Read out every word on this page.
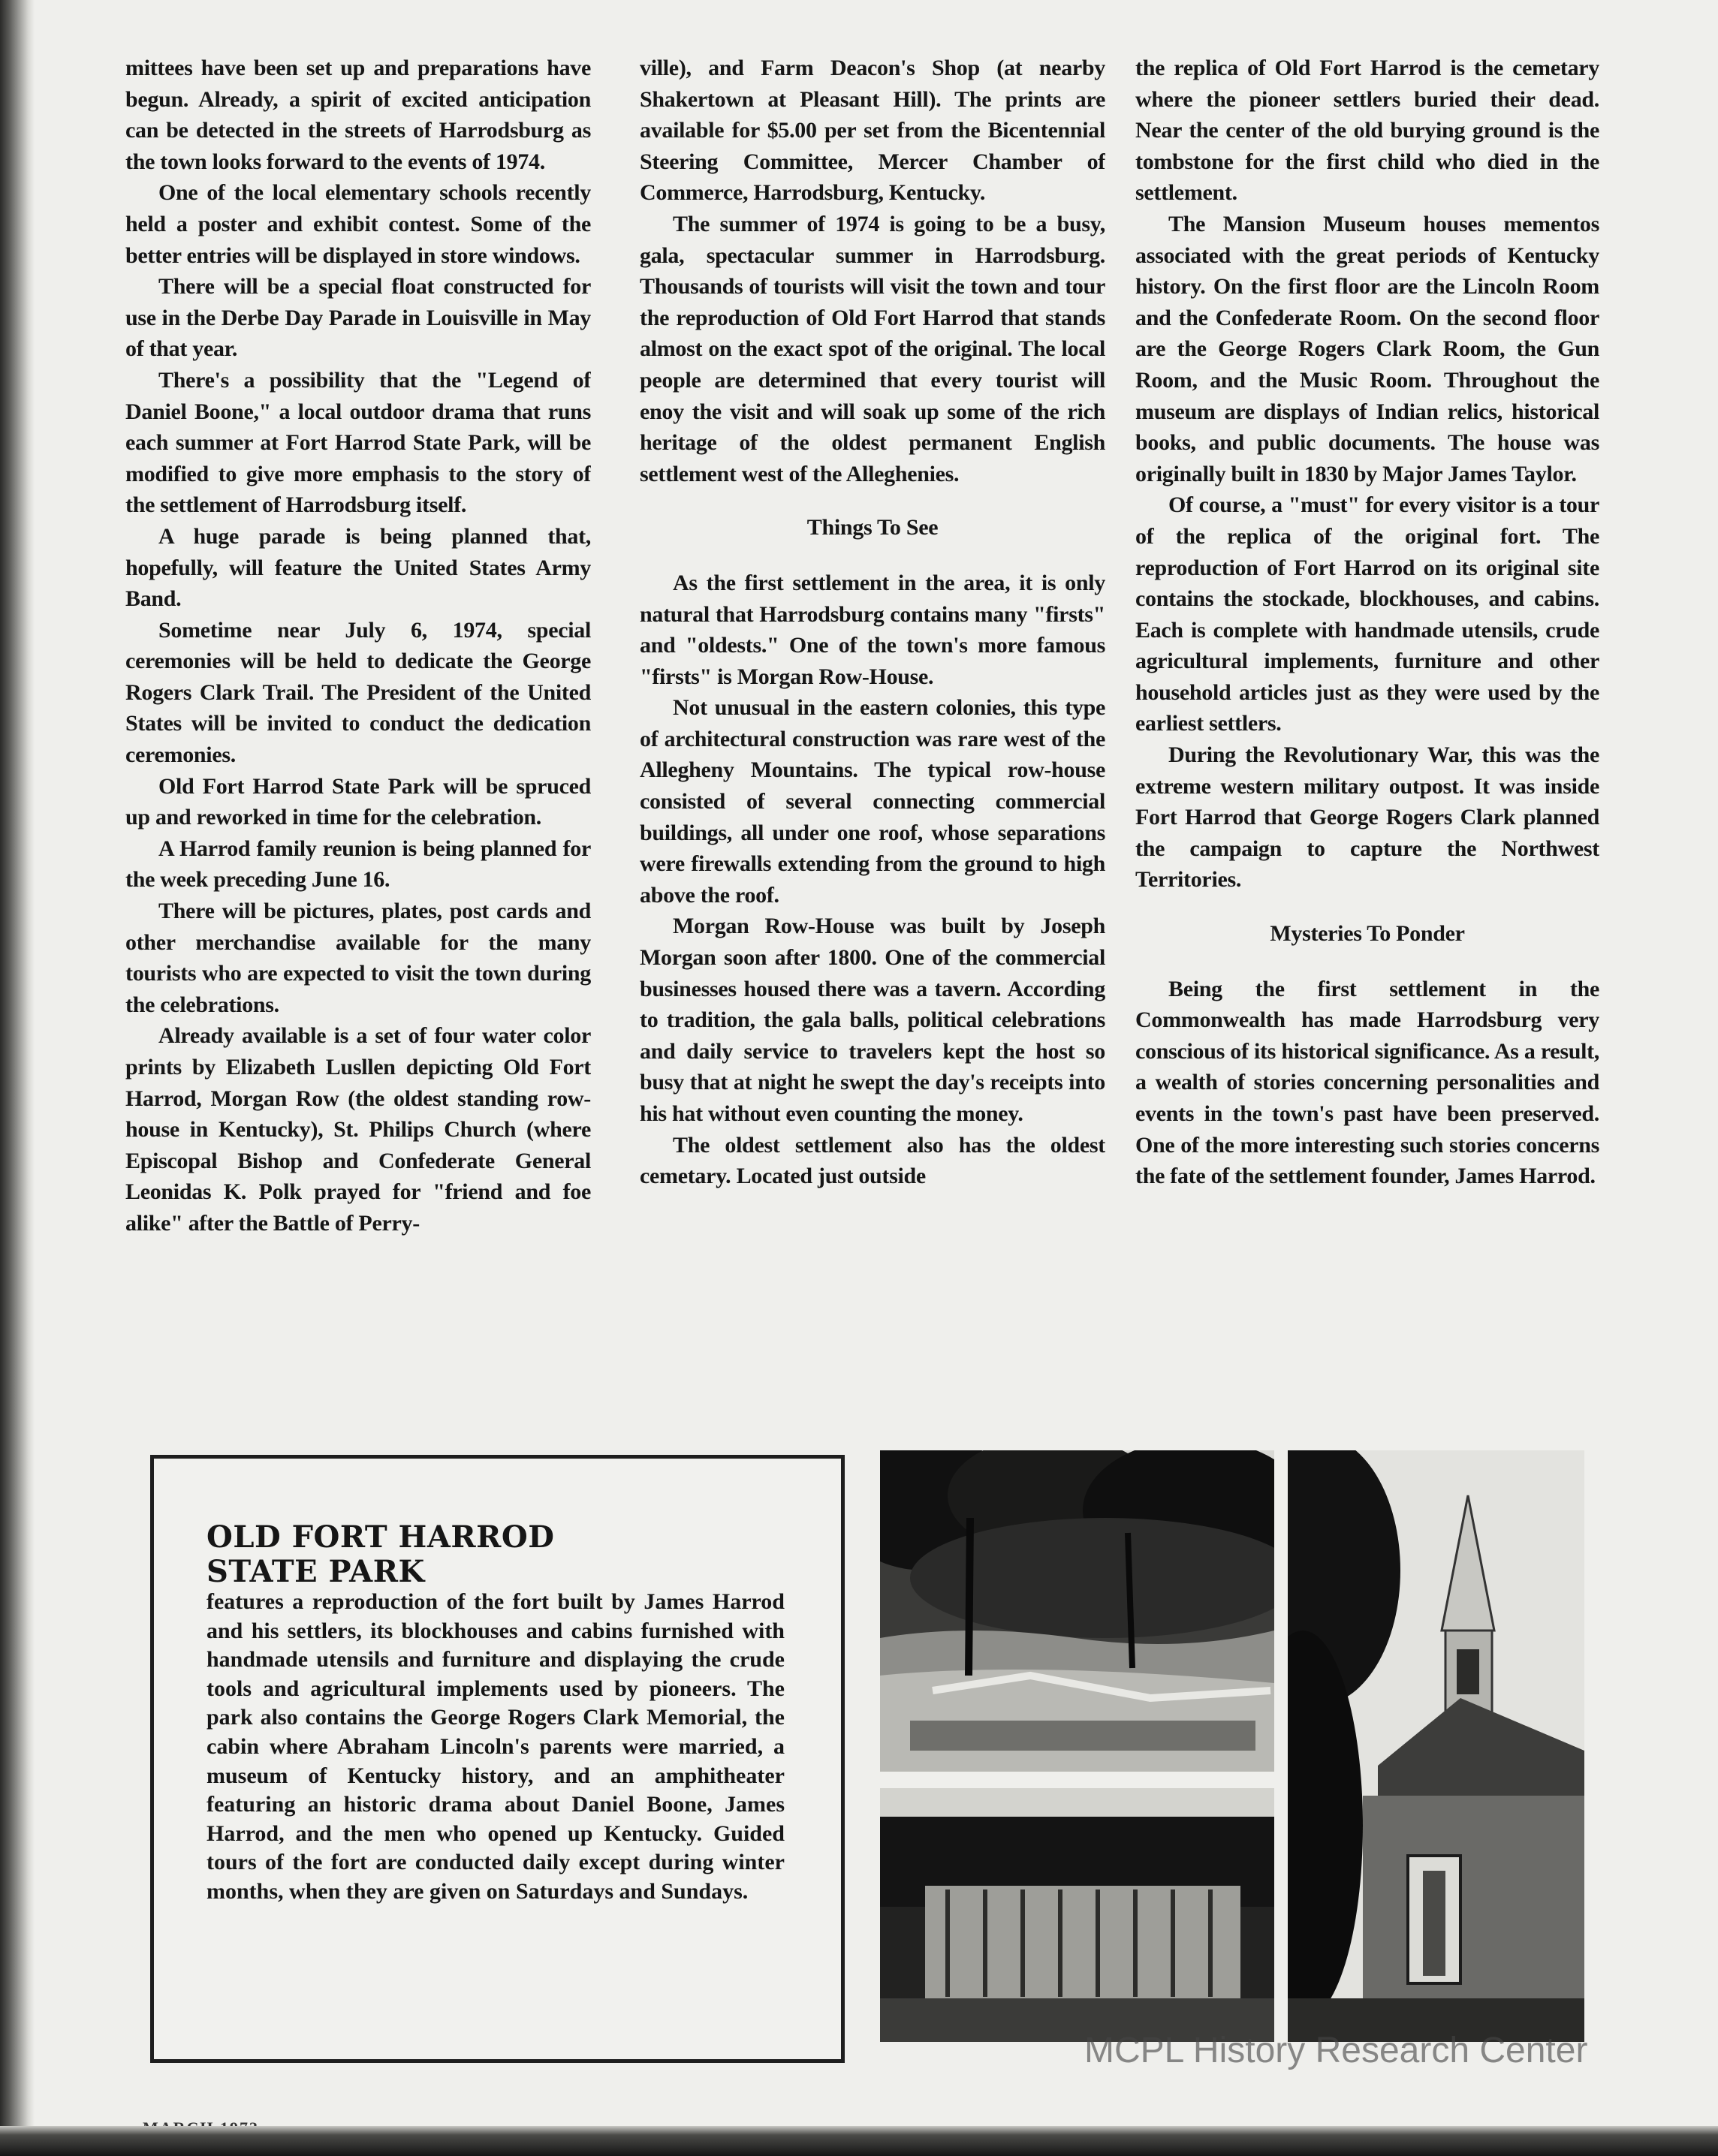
mittees have been set up and preparations have begun. Already, a spirit of excited anticipation can be detected in the streets of Harrodsburg as the town looks forward to the events of 1974.

One of the local elementary schools recently held a poster and exhibit contest. Some of the better entries will be displayed in store windows.

There will be a special float constructed for use in the Derbe Day Parade in Louisville in May of that year.

There's a possibility that the "Legend of Daniel Boone," a local outdoor drama that runs each summer at Fort Harrod State Park, will be modified to give more emphasis to the story of the settlement of Harrodsburg itself.

A huge parade is being planned that, hopefully, will feature the United States Army Band.

Sometime near July 6, 1974, special ceremonies will be held to dedicate the George Rogers Clark Trail. The President of the United States will be invited to conduct the dedication ceremonies.

Old Fort Harrod State Park will be spruced up and reworked in time for the celebration.

A Harrod family reunion is being planned for the week preceding June 16.

There will be pictures, plates, post cards and other merchandise available for the many tourists who are expected to visit the town during the celebrations.

Already available is a set of four water color prints by Elizabeth Lusllen depicting Old Fort Harrod, Morgan Row (the oldest standing row-house in Kentucky), St. Philips Church (where Episcopal Bishop and Confederate General Leonidas K. Polk prayed for "friend and foe alike" after the Battle of Perry-

ville), and Farm Deacon's Shop (at nearby Shakertown at Pleasant Hill). The prints are available for $5.00 per set from the Bicentennial Steering Committee, Mercer Chamber of Commerce, Harrodsburg, Kentucky.

The summer of 1974 is going to be a busy, gala, spectacular summer in Harrodsburg. Thousands of tourists will visit the town and tour the reproduction of Old Fort Harrod that stands almost on the exact spot of the original. The local people are determined that every tourist will enoy the visit and will soak up some of the rich heritage of the oldest permanent English settlement west of the Alleghenies.

Things To See

As the first settlement in the area, it is only natural that Harrodsburg contains many "firsts" and "oldests." One of the town's more famous "firsts" is Morgan Row-House.

Not unusual in the eastern colonies, this type of architectural construction was rare west of the Allegheny Mountains. The typical row-house consisted of several connecting commercial buildings, all under one roof, whose separations were firewalls extending from the ground to high above the roof.

Morgan Row-House was built by Joseph Morgan soon after 1800. One of the commercial businesses housed there was a tavern. According to tradition, the gala balls, political celebrations and daily service to travelers kept the host so busy that at night he swept the day's receipts into his hat without even counting the money.

The oldest settlement also has the oldest cemetary. Located just outside

the replica of Old Fort Harrod is the cemetary where the pioneer settlers buried their dead. Near the center of the old burying ground is the tombstone for the first child who died in the settlement.

The Mansion Museum houses mementos associated with the great periods of Kentucky history. On the first floor are the Lincoln Room and the Confederate Room. On the second floor are the George Rogers Clark Room, the Gun Room, and the Music Room. Throughout the museum are displays of Indian relics, historical books, and public documents. The house was originally built in 1830 by Major James Taylor.

Of course, a "must" for every visitor is a tour of the replica of the original fort. The reproduction of Fort Harrod on its original site contains the stockade, blockhouses, and cabins. Each is complete with handmade utensils, crude agricultural implements, furniture and other household articles just as they were used by the earliest settlers.

During the Revolutionary War, this was the extreme western military outpost. It was inside Fort Harrod that George Rogers Clark planned the campaign to capture the Northwest Territories.

Mysteries To Ponder

Being the first settlement in the Commonwealth has made Harrodsburg very conscious of its historical significance. As a result, a wealth of stories concerning personalities and events in the town's past have been preserved. One of the more interesting such stories concerns the fate of the settlement founder, James Harrod.

OLD FORT HARROD
STATE PARK
features a reproduction of the fort built by James Harrod and his settlers, its blockhouses and cabins furnished with handmade utensils and furniture and displaying the crude tools and agricultural implements used by pioneers. The park also contains the George Rogers Clark Memorial, the cabin where Abraham Lincoln's parents were married, a museum of Kentucky history, and an amphitheater featuring an historic drama about Daniel Boone, James Harrod, and the men who opened up Kentucky. Guided tours of the fort are conducted daily except during winter months, when they are given on Saturdays and Sundays.
MCPL History Research Center
